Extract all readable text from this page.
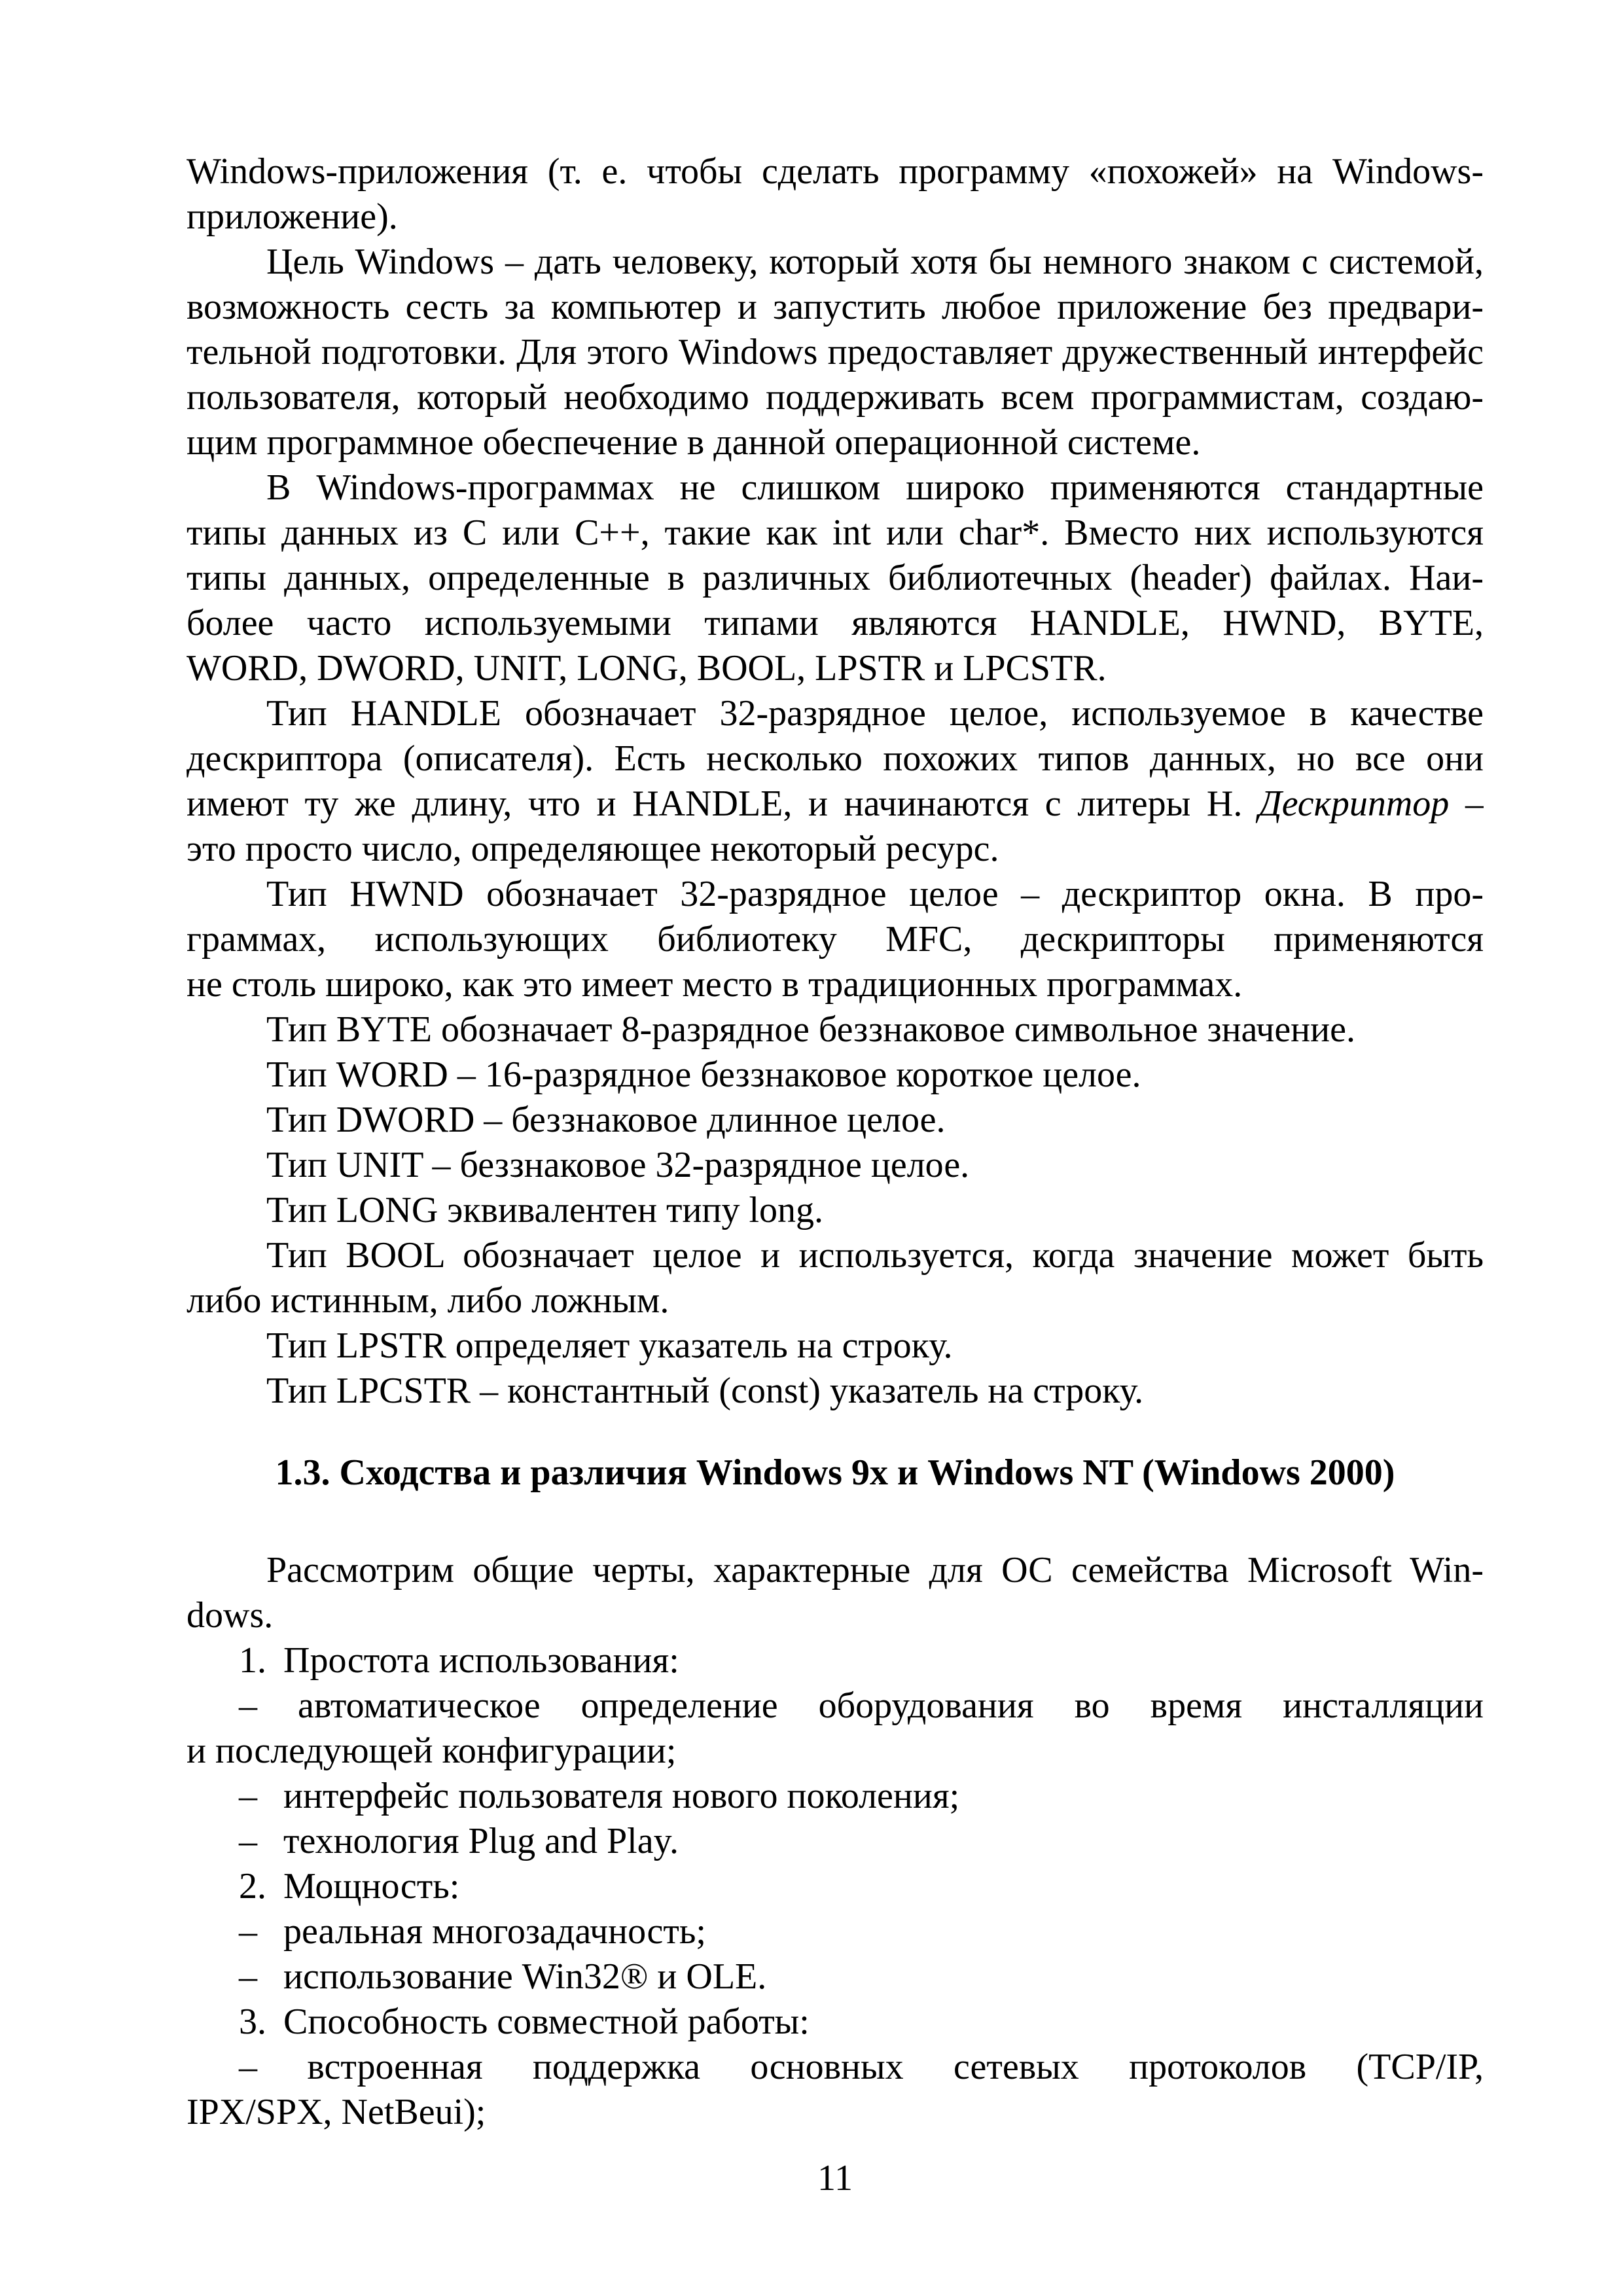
Windows-приложения (т. е. чтобы сделать программу «похожей» на Windows-
приложение).
Цель Windows – дать человеку, который хотя бы немного знаком с системой,
возможность сесть за компьютер и запустить любое приложение без предвари-
тельной подготовки. Для этого Windows предоставляет дружественный интерфейс
пользователя, который необходимо поддерживать всем программистам, создаю-
щим программное обеспечение в данной операционной системе.
В Windows-программах не слишком широко применяются стандартные
типы данных из C или C++, такие как int или char*. Вместо них используются
типы данных, определенные в различных библиотечных (header) файлах. Наи-
более часто используемыми типами являются HANDLE, HWND, BYTE,
WORD, DWORD, UNIT, LONG, BOOL, LPSTR и LPCSTR.
Тип HANDLE обозначает 32-разрядное целое, используемое в качестве
дескриптора (описателя). Есть несколько похожих типов данных, но все они
имеют ту же длину, что и HANDLE, и начинаются с литеры Н. Дескриптор –
это просто число, определяющее некоторый ресурс.
Тип HWND обозначает 32-разрядное целое – дескриптор окна. В про-
граммах, использующих библиотеку MFC, дескрипторы применяются
не столь широко, как это имеет место в традиционных программах.
Тип BYTE обозначает 8-разрядное беззнаковое символьное значение.
Тип WORD – 16-разрядное беззнаковое короткое целое.
Тип DWORD – беззнаковое длинное целое.
Тип UNIT – беззнаковое 32-разрядное целое.
Тип LONG эквивалентен типу long.
Тип BOOL обозначает целое и используется, когда значение может быть
либо истинным, либо ложным.
Тип LPSTR определяет указатель на строку.
Тип LPCSTR – константный (const) указатель на строку.
1.3. Сходства и различия Windows 9x и Windows NT (Windows 2000)
Рассмотрим общие черты, характерные для ОС семейства Microsoft Win-
dows.
1. Простота использования:
– автоматическое определение оборудования во время инсталляции
и последующей конфигурации;
– интерфейс пользователя нового поколения;
– технология Plug and Play.
2. Мощность:
– реальная многозадачность;
– использование Win32® и OLE.
3. Способность совместной работы:
– встроенная поддержка основных сетевых протоколов (TCP/IP,
IPX/SPX, NetBeui);
11
